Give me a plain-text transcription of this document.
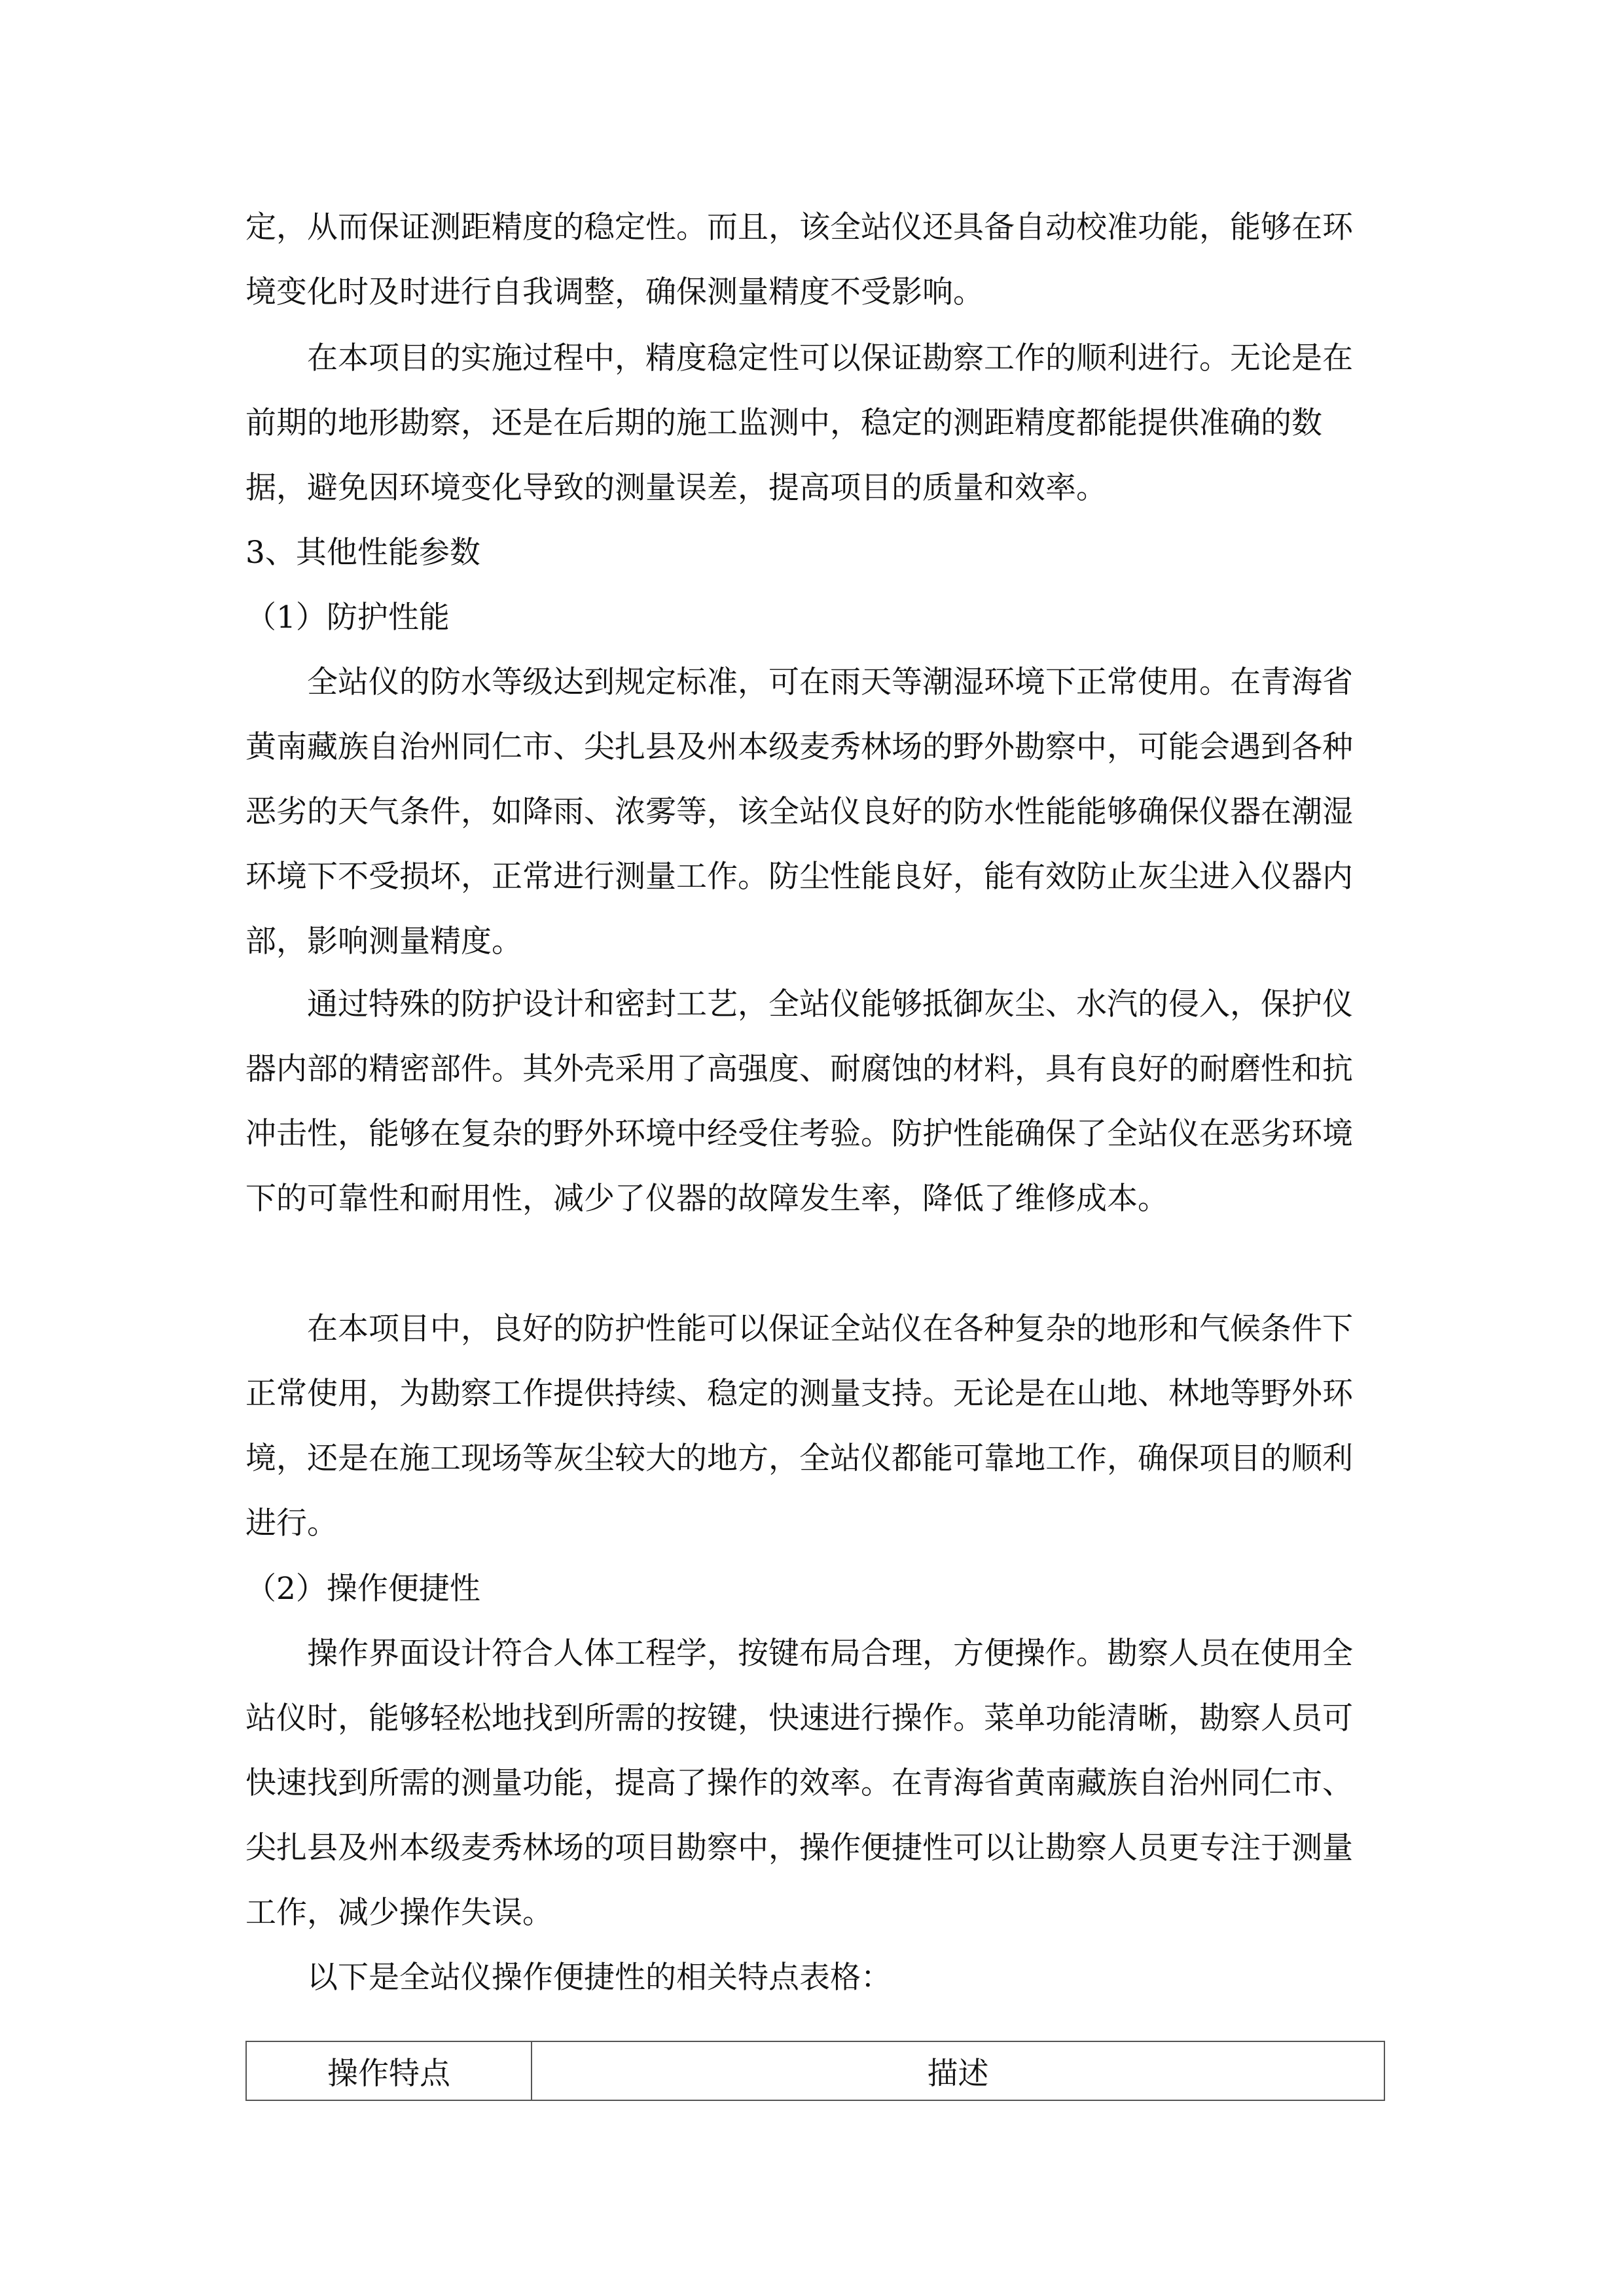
定，从而保证测距精度的稳定性。而且，该全站仪还具备自动校准功能，能够在环境变化时及时进行自我调整，确保测量精度不受影响。

在本项目的实施过程中，精度稳定性可以保证勘察工作的顺利进行。无论是在前期的地形勘察，还是在后期的施工监测中，稳定的测距精度都能提供准确的数据，避免因环境变化导致的测量误差，提高项目的质量和效率。

3、其他性能参数

（1）防护性能

全站仪的防水等级达到规定标准，可在雨天等潮湿环境下正常使用。在青海省黄南藏族自治州同仁市、尖扎县及州本级麦秀林场的野外勘察中，可能会遇到各种恶劣的天气条件，如降雨、浓雾等，该全站仪良好的防水性能能够确保仪器在潮湿环境下不受损坏，正常进行测量工作。防尘性能良好，能有效防止灰尘进入仪器内部，影响测量精度。

通过特殊的防护设计和密封工艺，全站仪能够抵御灰尘、水汽的侵入，保护仪器内部的精密部件。其外壳采用了高强度、耐腐蚀的材料，具有良好的耐磨性和抗冲击性，能够在复杂的野外环境中经受住考验。防护性能确保了全站仪在恶劣环境下的可靠性和耐用性，减少了仪器的故障发生率，降低了维修成本。

在本项目中，良好的防护性能可以保证全站仪在各种复杂的地形和气候条件下正常使用，为勘察工作提供持续、稳定的测量支持。无论是在山地、林地等野外环境，还是在施工现场等灰尘较大的地方，全站仪都能可靠地工作，确保项目的顺利进行。

（2）操作便捷性

操作界面设计符合人体工程学，按键布局合理，方便操作。勘察人员在使用全站仪时，能够轻松地找到所需的按键，快速进行操作。菜单功能清晰，勘察人员可快速找到所需的测量功能，提高了操作的效率。在青海省黄南藏族自治州同仁市、尖扎县及州本级麦秀林场的项目勘察中，操作便捷性可以让勘察人员更专注于测量工作，减少操作失误。

以下是全站仪操作便捷性的相关特点表格：

操作特点	描述
